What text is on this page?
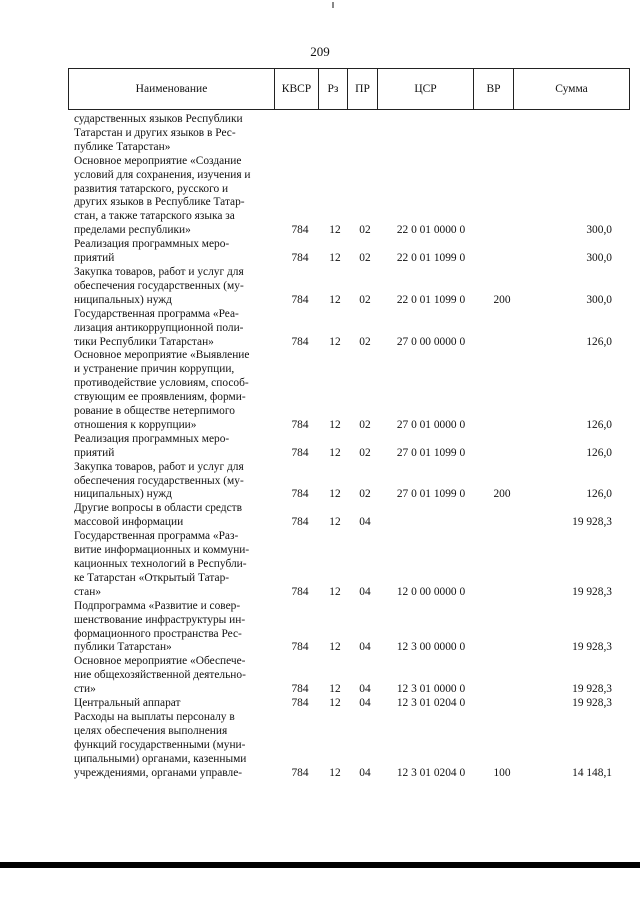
209
Наименование	КВСР	Рз	ПР	ЦСР	ВР	Сумма
сударственных языков Республики
Татарстан и других языков в Рес-
публике Татарстан»
Основное мероприятие «Создание
условий для сохранения, изучения и
развития татарского, русского и
других языков в Республике Татар-
стан, а также татарского языка за
пределами республики»	784	12	02	22 0 01 0000 0	300,0
Реализация программных меро-
приятий	784	12	02	22 0 01 1099 0	300,0
Закупка товаров, работ и услуг для
обеспечения государственных (му-
ниципальных) нужд	784	12	02	22 0 01 1099 0	200	300,0
Государственная программа «Реа-
лизация антикоррупционной поли-
тики Республики Татарстан»	784	12	02	27 0 00 0000 0	126,0
Основное мероприятие «Выявление
и устранение причин коррупции,
противодействие условиям, способ-
ствующим ее проявлениям, форми-
рование в обществе нетерпимого
отношения к коррупции»	784	12	02	27 0 01 0000 0	126,0
Реализация программных меро-
приятий	784	12	02	27 0 01 1099 0	126,0
Закупка товаров, работ и услуг для
обеспечения государственных (му-
ниципальных) нужд	784	12	02	27 0 01 1099 0	200	126,0
Другие вопросы в области средств
массовой информации	784	12	04	19 928,3
Государственная программа «Раз-
витие информационных и коммуни-
кационных технологий в Республи-
ке Татарстан «Открытый Татар-
стан»	784	12	04	12 0 00 0000 0	19 928,3
Подпрограмма «Развитие и совер-
шенствование инфраструктуры ин-
формационного пространства Рес-
публики Татарстан»	784	12	04	12 3 00 0000 0	19 928,3
Основное мероприятие «Обеспече-
ние общехозяйственной деятельно-
сти»	784	12	04	12 3 01 0000 0	19 928,3
Центральный аппарат	784	12	04	12 3 01 0204 0	19 928,3
Расходы на выплаты персоналу в
целях обеспечения выполнения
функций государственными (муни-
ципальными) органами, казенными
учреждениями, органами управле-	784	12	04	12 3 01 0204 0	100	14 148,1
